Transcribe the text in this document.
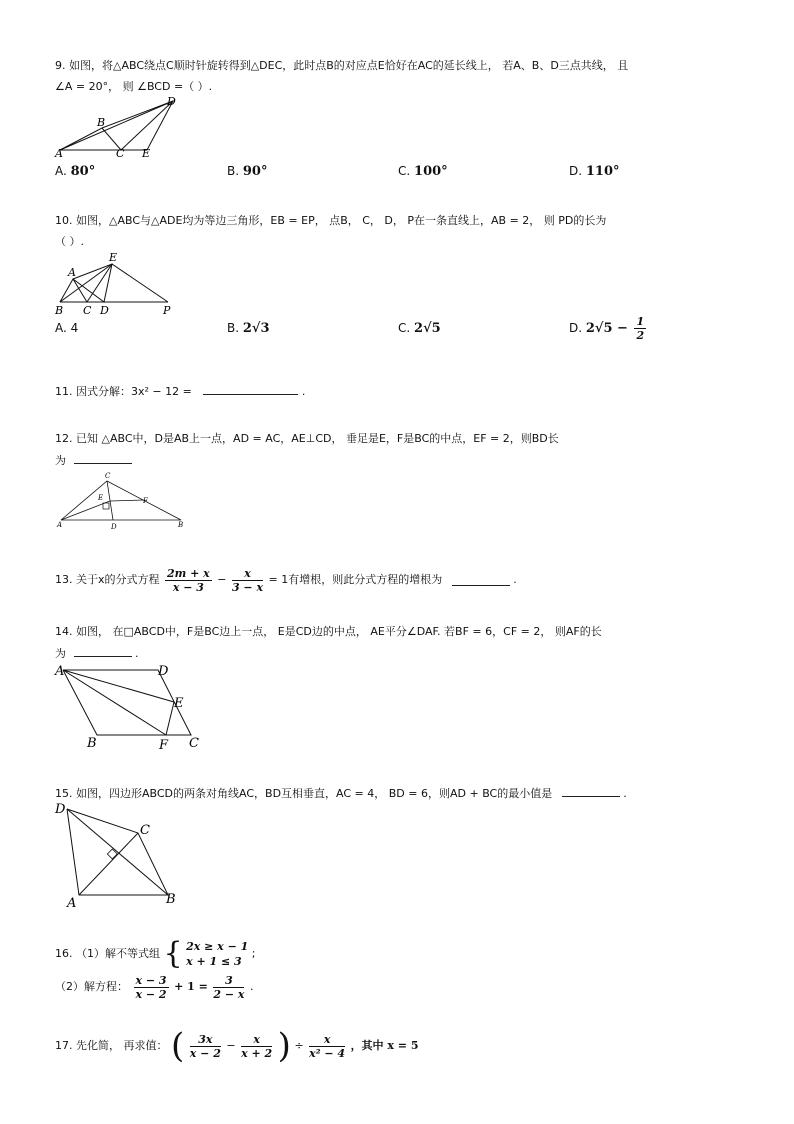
9. 如图，将△ABC绕点C顺时针旋转得到△DEC，此时点B的对应点E恰好在AC的延长线上， 若A、B、D三点共线， 且
∠A = 20°， 则 ∠BCD =（ ）.
A
B
C
D
E
A. 80°	B. 90°	C. 100°	D. 110°
10. 如图，△ABC与△ADE均为等边三角形，EB = EP， 点B， C， D， P在一条直线上，AB = 2， 则 PD的长为
（ ）.
A
E
B C D	P
A. 4	B. 2√3	C. 2√5	D. $2√5 - \frac{1}{2}$
11. 因式分解：3x² − 12 =	.
12. 已知 △ABC中，D是AB上一点，AD = AC，AE⊥CD， 垂足是E，F是BC的中点，EF = 2，则BD长
为
C
E	F
A	D	B
13. 关于x的分式方程 $\frac{2m + x}{x - 3} - \frac{x}{3 - x} = 1$有增根，则此分式方程的增根为	.
14. 如图， 在□ABCD中，F是BC边上一点， E是CD边的中点， AE平分∠DAF. 若BF = 6，CF = 2， 则AF的长
为	.
A	D
E
B	F C
15. 如图，四边形ABCD的两条对角线AC，BD互相垂直，AC = 4， BD = 6，则AD + BC的最小值是	.
D
C
A	B
16. （1）解不等式组 { 2x ≥ x − 1
x + 1 ≤ 3
;
（2）解方程： $\frac{x - 3}{x - 2} + 1 = \frac{3}{2 - x}$ .
17. 先化简， 再求值： ( $\frac{3x}{x - 2} - \frac{x}{x + 2}$ ) ÷ $\frac{x}{\text{x² − 4}}$ ，其中 x = 5
